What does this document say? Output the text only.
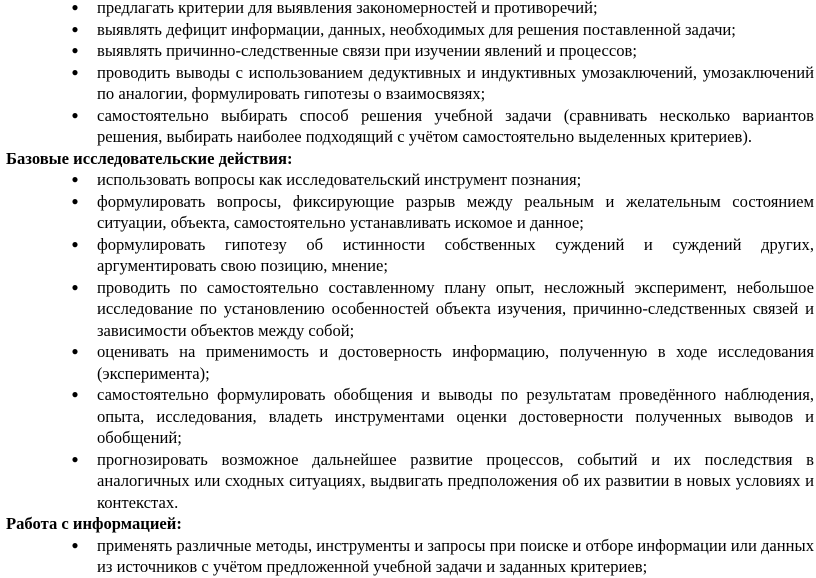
● предлагать критерии для выявления закономерностей и противоречий;
● выявлять дефицит информации, данных, необходимых для решения поставленной задачи;
● выявлять причинно-следственные связи при изучении явлений и процессов;
● проводить выводы с использованием дедуктивных и индуктивных умозаключений, умозаключений по аналогии, формулировать гипотезы о взаимосвязях;
● самостоятельно выбирать способ решения учебной задачи (сравнивать несколько вариантов решения, выбирать наиболее подходящий с учётом самостоятельно выделенных критериев).

Базовые исследовательские действия:

● использовать вопросы как исследовательский инструмент познания;
● формулировать вопросы, фиксирующие разрыв между реальным и желательным состоянием ситуации, объекта, самостоятельно устанавливать искомое и данное;
● формулировать гипотезу об истинности собственных суждений и суждений других, аргументировать свою позицию, мнение;
● проводить по самостоятельно составленному плану опыт, несложный эксперимент, небольшое исследование по установлению особенностей объекта изучения, причинно-следственных связей и зависимости объектов между собой;
● оценивать на применимость и достоверность информацию, полученную в ходе исследования (эксперимента);
● самостоятельно формулировать обобщения и выводы по результатам проведённого наблюдения, опыта, исследования, владеть инструментами оценки достоверности полученных выводов и обобщений;
● прогнозировать возможное дальнейшее развитие процессов, событий и их последствия в аналогичных или сходных ситуациях, выдвигать предположения об их развитии в новых условиях и контекстах.

Работа с информацией:

● применять различные методы, инструменты и запросы при поиске и отборе информации или данных из источников с учётом предложенной учебной задачи и заданных критериев;
